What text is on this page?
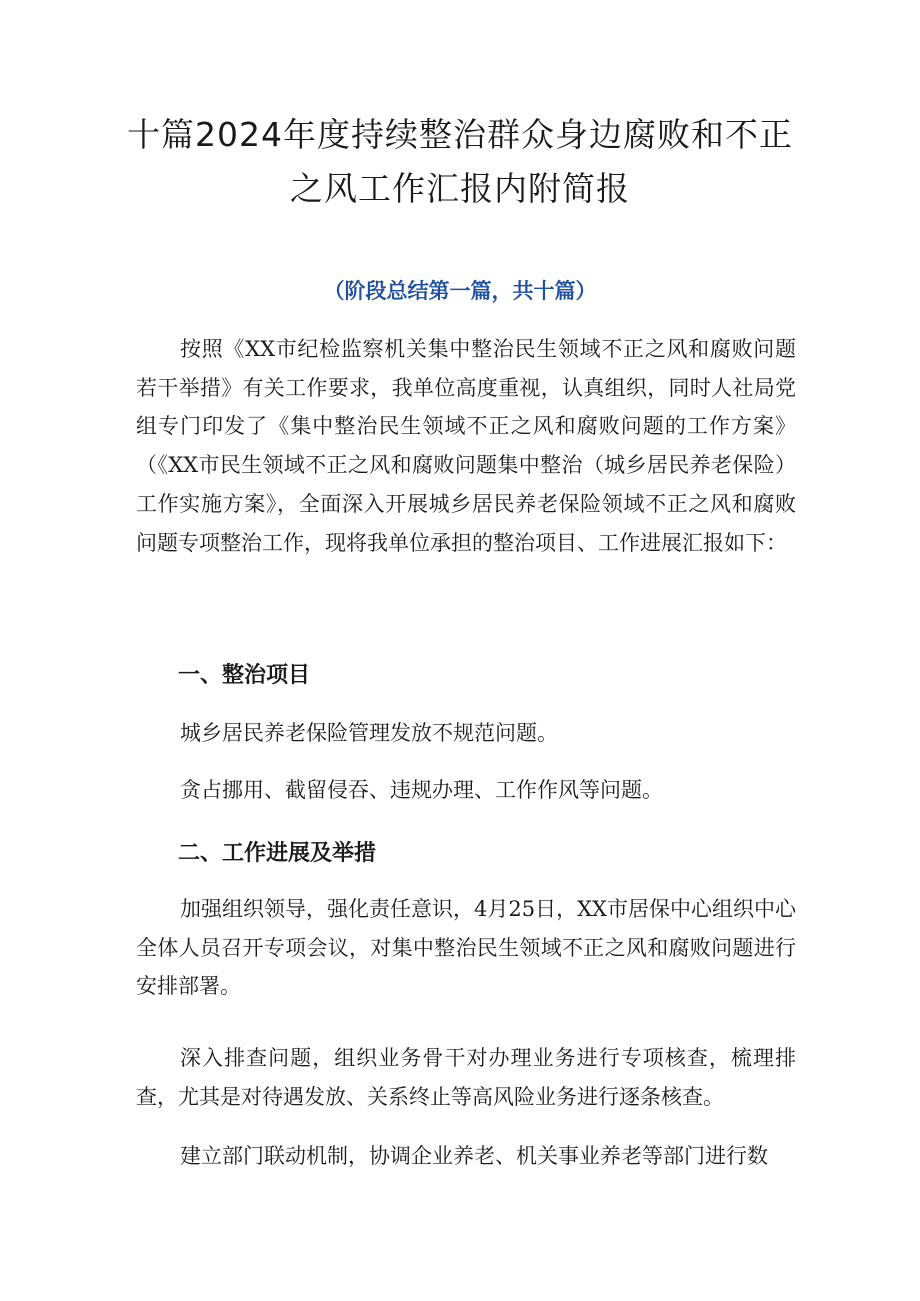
十篇2024年度持续整治群众身边腐败和不正之风工作汇报内附简报

（阶段总结第一篇，共十篇）

按照《XX市纪检监察机关集中整治民生领域不正之风和腐败问题若干举措》有关工作要求，我单位高度重视，认真组织，同时人社局党组专门印发了《集中整治民生领域不正之风和腐败问题的工作方案》（《XX市民生领域不正之风和腐败问题集中整治（城乡居民养老保险）工作实施方案》，全面深入开展城乡居民养老保险领域不正之风和腐败问题专项整治工作，现将我单位承担的整治项目、工作进展汇报如下：

一、整治项目

城乡居民养老保险管理发放不规范问题。

贪占挪用、截留侵吞、违规办理、工作作风等问题。

二、工作进展及举措

加强组织领导，强化责任意识，4月25日，XX市居保中心组织中心全体人员召开专项会议，对集中整治民生领域不正之风和腐败问题进行安排部署。

深入排查问题，组织业务骨干对办理业务进行专项核查，梳理排查，尤其是对待遇发放、关系终止等高风险业务进行逐条核查。

建立部门联动机制，协调企业养老、机关事业养老等部门进行数
